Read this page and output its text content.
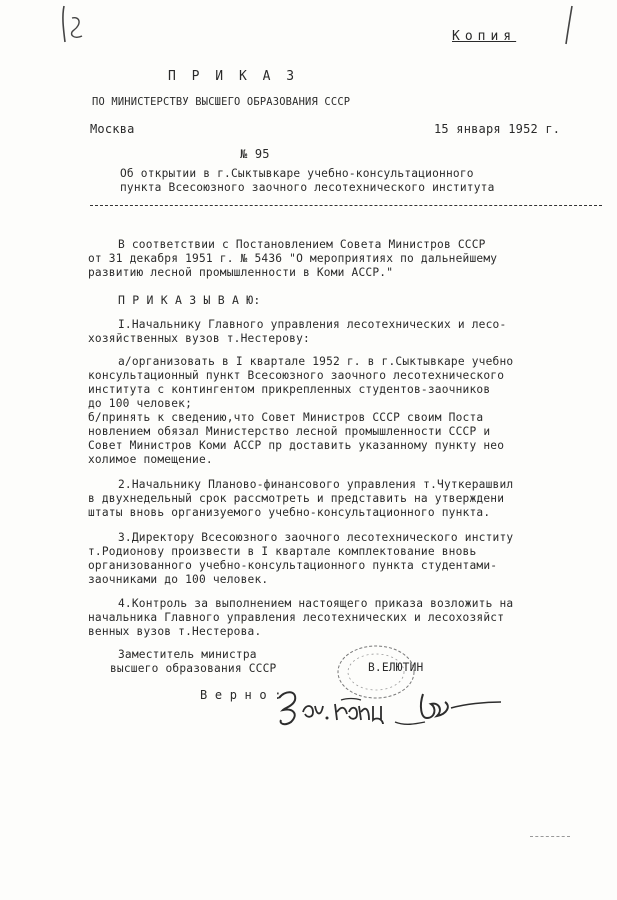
Копия
П Р И К А З
ПО МИНИСТЕРСТВУ ВЫСШЕГО ОБРАЗОВАНИЯ СССР
Москва	15 января 1952 г.
№ 95
Об открытии в г.Сыктывкаре учебно-консультационного
пункта Всесоюзного заочного лесотехнического института
В соответствии с Постановлением Совета Министров СССР
от 31 декабря 1951 г. № 5436 "О мероприятиях по дальнейшему
развитию лесной промышленности в Коми АССР."
П Р И К А З Ы В А Ю:
I.Начальнику Главного управления лесотехнических и лесо-
хозяйственных вузов т.Нестерову:
а/организовать в I квартале 1952 г. в г.Сыктывкаре учебно
консультационный пункт Всесоюзного заочного лесотехнического
института с контингентом прикрепленных студентов-заочников
до 100 человек;
б/принять к сведению,что Совет Министров СССР своим Поста
новлением обязал Министерство лесной промышленности СССР и
Совет Министров Коми АССР пр доставить указанному пункту нео
холимое помещение.
2.Начальнику Планово-финансового управления т.Чуткерашвил
в двухнедельный срок рассмотреть и представить на утверждени
штаты вновь организуемого учебно-консультационного пункта.
3.Директору Всесоюзного заочного лесотехнического институ
т.Родионову произвести в I квартале комплектование вновь
организованного учебно-консультационного пункта студентами-
заочниками до 100 человек.
4.Контроль за выполнением настоящего приказа возложить на
начальника Главного управления лесотехнических и лесохозяйст
венных вузов т.Нестерова.
Заместитель министра
высшего образования СССР	В.ЕЛЮТИН
В е р н о :
